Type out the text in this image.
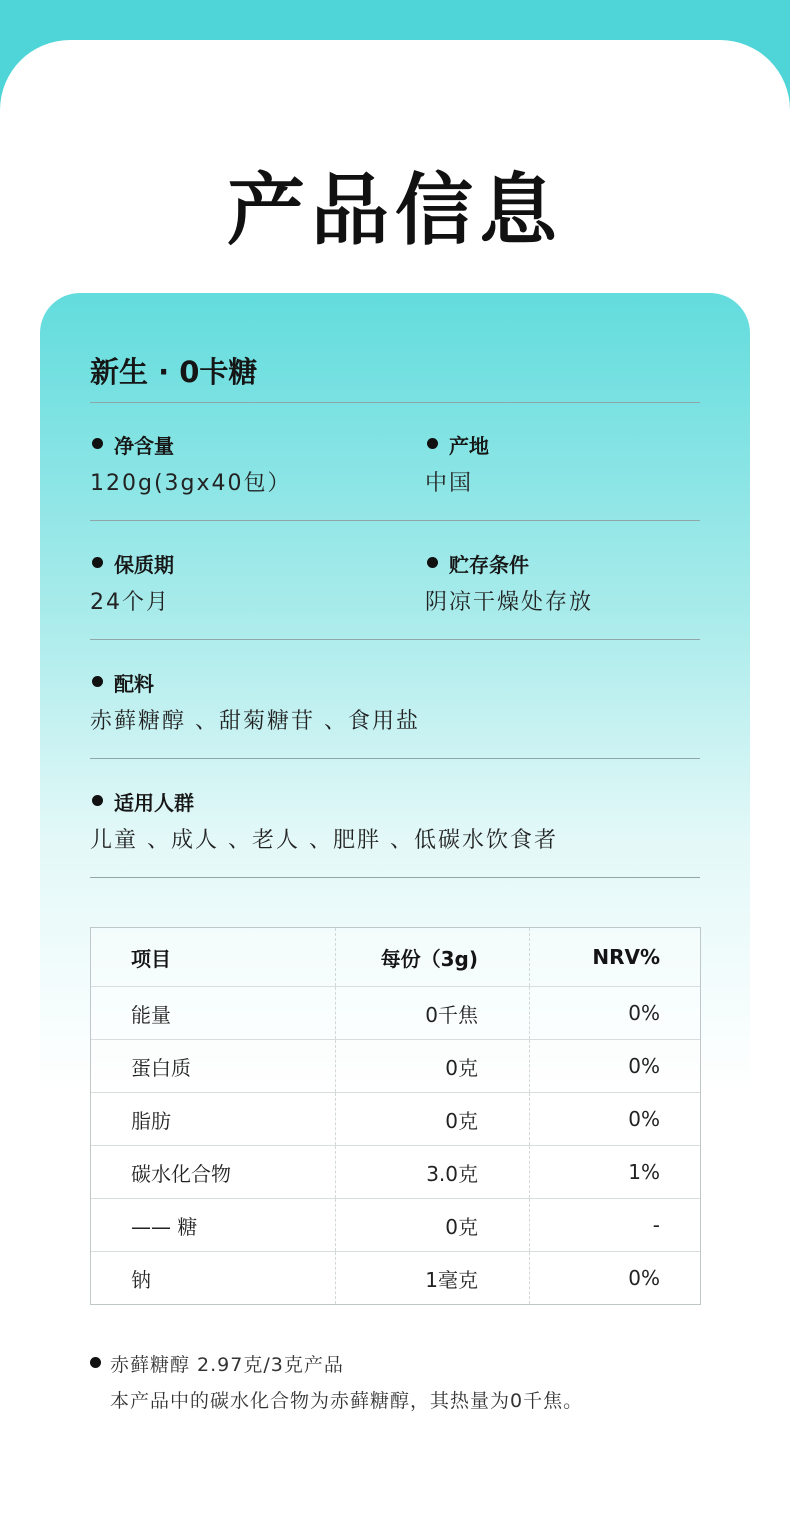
产品信息
新生 · 0卡糖
净含量
120g(3gx40包）
产地
中国
保质期
24个月
贮存条件
阴凉干燥处存放
配料
赤藓糖醇 、甜菊糖苷 、食用盐
适用人群
儿童 、成人 、老人 、肥胖 、低碳水饮食者
项目	每份（3g)	NRV%
能量	0千焦	0%
蛋白质	0克	0%
脂肪	0克	0%
碳水化合物	3.0克	1%
—— 糖	0克	-
钠	1毫克	0%
赤藓糖醇 2.97克/3克产品
本产品中的碳水化合物为赤藓糖醇，其热量为0千焦。
